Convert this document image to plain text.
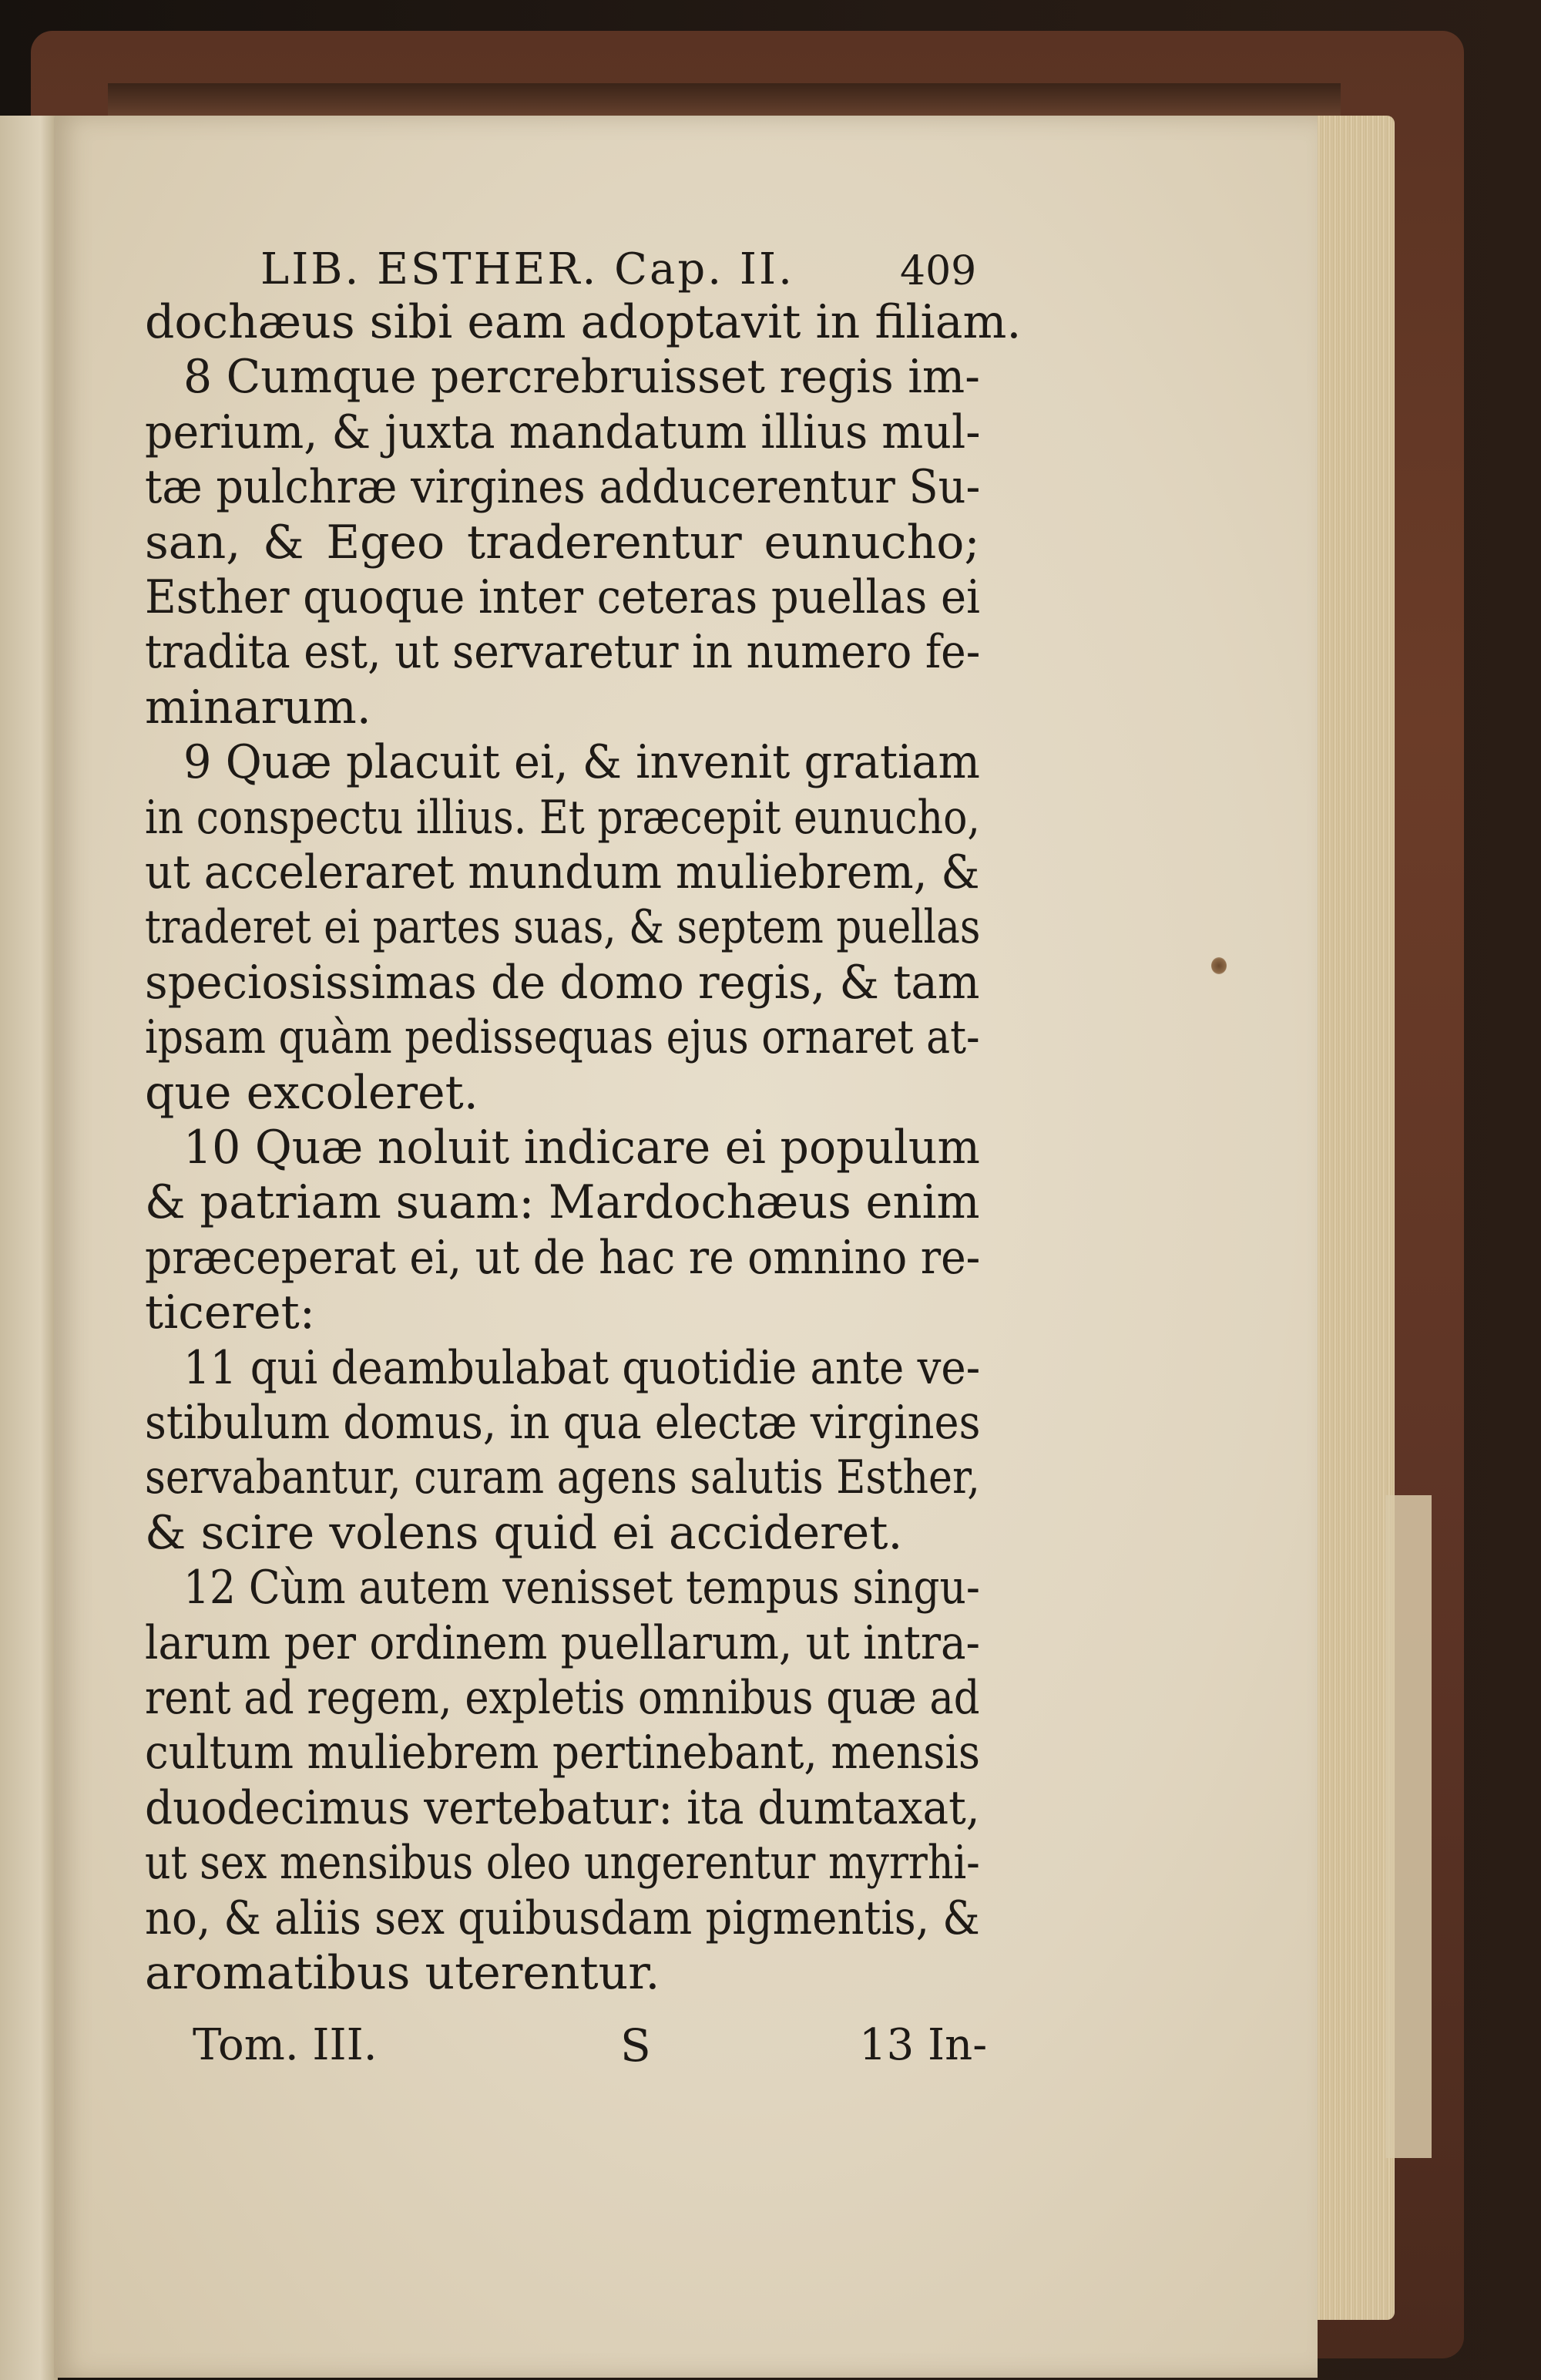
LIB. ESTHER. Cap. II.	409
dochæus sibi eam adoptavit in filiam.
8 Cumque percrebruisset regis im-
perium, & juxta mandatum illius mul-
tæ pulchræ virgines adducerentur Su-
san, & Egeo traderentur eunucho;
Esther quoque inter ceteras puellas ei
tradita est, ut servaretur in numero fe-
minarum.
9 Quæ placuit ei, & invenit gratiam
in conspectu illius. Et præcepit eunucho,
ut acceleraret mundum muliebrem, &
traderet ei partes suas, & septem puellas
speciosissimas de domo regis, & tam
ipsam quàm pedissequas ejus ornaret at-
que excoleret.
10 Quæ noluit indicare ei populum
& patriam suam: Mardochæus enim
præceperat ei, ut de hac re omnino re-
ticeret:
11 qui deambulabat quotidie ante ve-
stibulum domus, in qua electæ virgines
servabantur, curam agens salutis Esther,
& scire volens quid ei accideret.
12 Cùm autem venisset tempus singu-
larum per ordinem puellarum, ut intra-
rent ad regem, expletis omnibus quæ ad
cultum muliebrem pertinebant, mensis
duodecimus vertebatur: ita dumtaxat,
ut sex mensibus oleo ungerentur myrrhi-
no, & aliis sex quibusdam pigmentis, &
aromatibus uterentur.
Tom. III.	S	13 In-
